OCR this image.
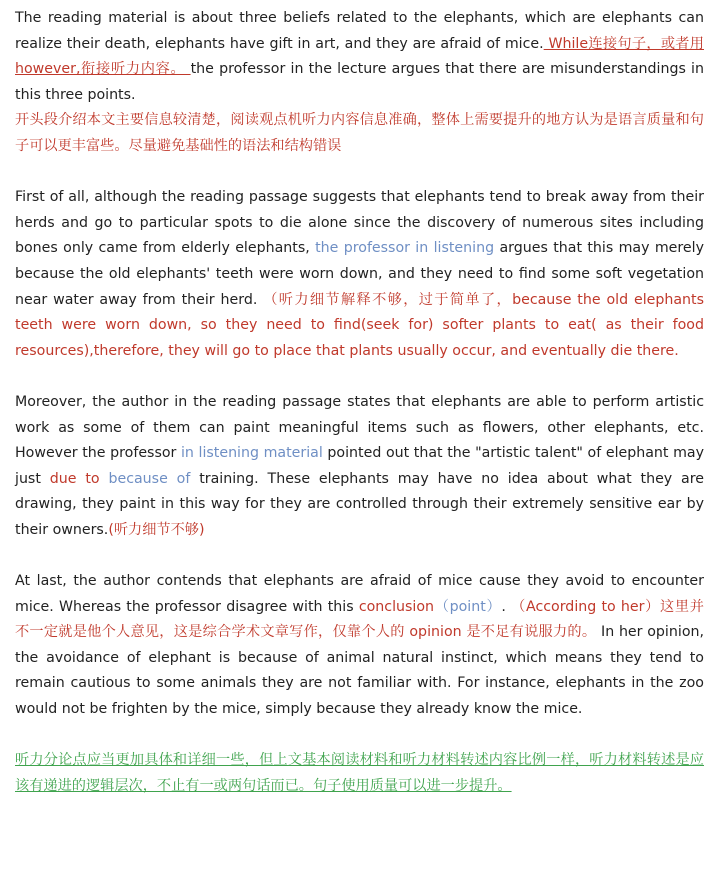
The reading material is about three beliefs related to the elephants, which are elephants can realize their death, elephants have gift in art, and they are afraid of mice. While连接句子，或者用 however,衔接听力内容。 the professor in the lecture argues that there are misunderstandings in this three points.

开头段介绍本文主要信息较清楚，阅读观点机听力内容信息准确，整体上需要提升的地方认为是语言质量和句子可以更丰富些。尽量避免基础性的语法和结构错误

First of all, although the reading passage suggests that elephants tend to break away from their herds and go to particular spots to die alone since the discovery of numerous sites including bones only came from elderly elephants, the professor in listening argues that this may merely because the old elephants' teeth were worn down, and they need to find some soft vegetation near water away from their herd. （听力细节解释不够，过于简单了，because the old elephants teeth were worn down, so they need to find(seek for) softer plants to eat( as their food resources),therefore, they will go to place that plants usually occur, and eventually die there.

Moreover, the author in the reading passage states that elephants are able to perform artistic work as some of them can paint meaningful items such as flowers, other elephants, etc. However the professor in listening material pointed out that the "artistic talent" of elephant may just due to because of training. These elephants may have no idea about what they are drawing, they paint in this way for they are controlled through their extremely sensitive ear by their owners.(听力细节不够)

At last, the author contends that elephants are afraid of mice cause they avoid to encounter mice. Whereas the professor disagree with this conclusion（point）. （According to her）这里并不一定就是他个人意见，这是综合学术文章写作，仅靠个人的 opinion 是不足有说服力的。 In her opinion, the avoidance of elephant is because of animal natural instinct, which means they tend to remain cautious to some animals they are not familiar with. For instance, elephants in the zoo would not be frighten by the mice, simply because they already know the mice.

听力分论点应当更加具体和详细一些，但上文基本阅读材料和听力材料转述内容比例一样，听力材料转述是应该有递进的逻辑层次，不止有一或两句话而已。句子使用质量可以进一步提升。
